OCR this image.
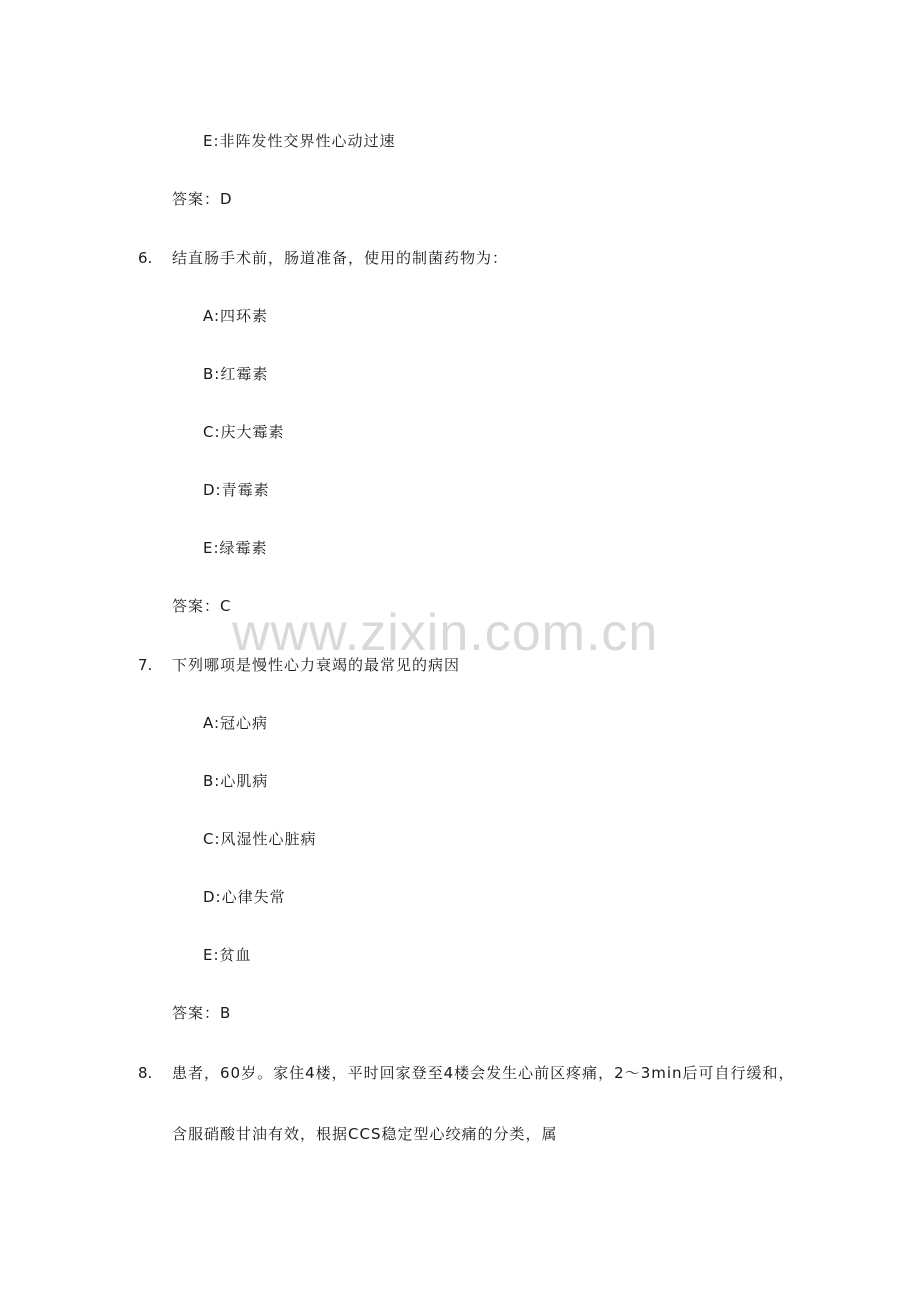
www.zixin.com.cn
E:非阵发性交界性心动过速
答案：D
6. 结直肠手术前，肠道准备，使用的制菌药物为：
A:四环素
B:红霉素
C:庆大霉素
D:青霉素
E:绿霉素
答案：C
7. 下列哪项是慢性心力衰竭的最常见的病因
A:冠心病
B:心肌病
C:风湿性心脏病
D:心律失常
E:贫血
答案：B
8. 患者，60岁。家住4楼，平时回家登至4楼会发生心前区疼痛，2～3min后可自行缓和，
含服硝酸甘油有效，根据CCS稳定型心绞痛的分类，属
